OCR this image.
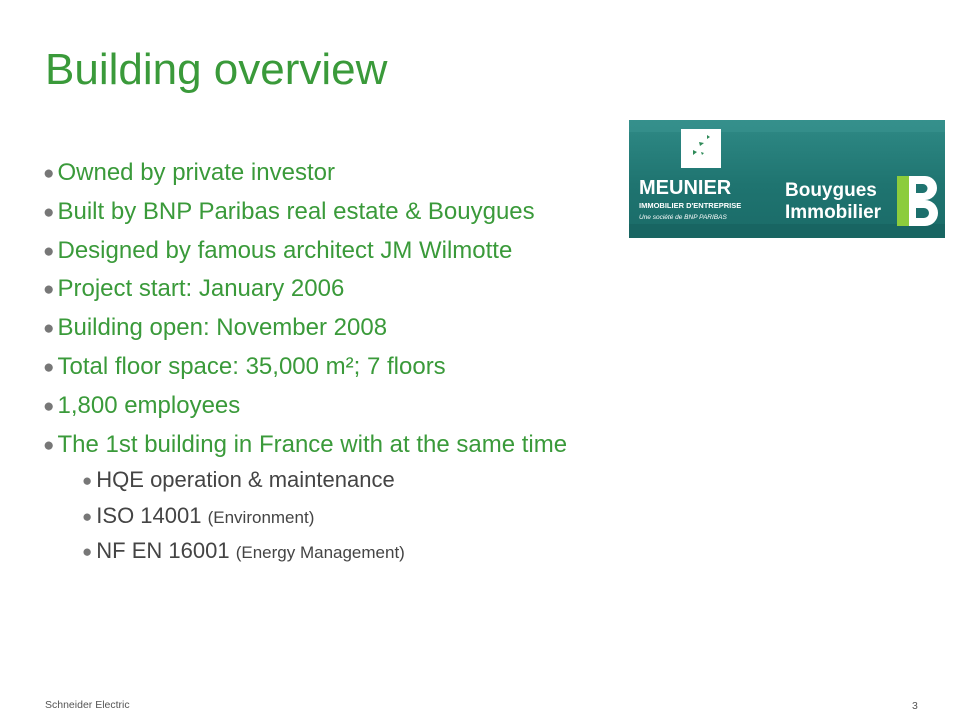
Building overview
● Owned by private investor
● Built by BNP Paribas real estate & Bouygues
● Designed by famous architect JM Wilmotte
● Project start: January 2006
● Building open: November 2008
● Total floor space: 35,000 m²; 7 floors
● 1,800 employees
● The 1st building in France with at the same time
● HQE operation & maintenance
● ISO 14001 (Environment)
● NF EN 16001 (Energy Management)
MEUNIER
IMMOBILIER D'ENTREPRISE
Une société de BNP PARIBAS
Bouygues
Immobilier
Schneider Electric	3
